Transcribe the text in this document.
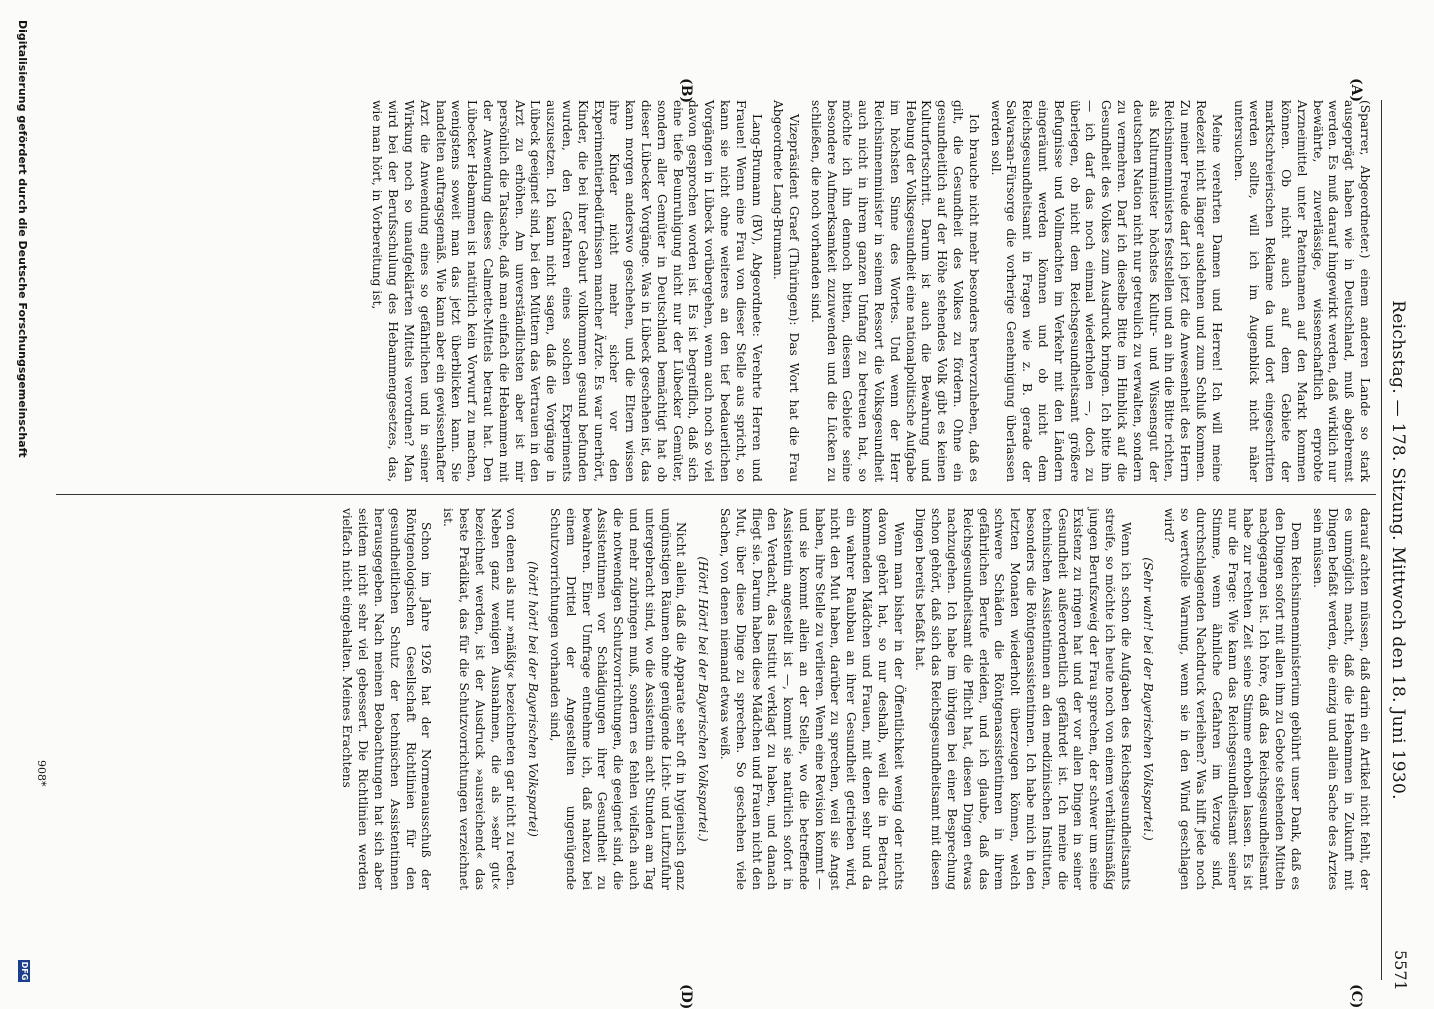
Reichstag. — 178. Sitzung. Mittwoch den 18. Juni 1930.
5571
(A)
(B)
(C)
(D)

(Sparrer, Abgeordneter.) einem anderen Lande so stark ausgeprägt haben wie in Deutschland, muß abgebremst werden. Es muß darauf hingewirkt werden, daß wirklich nur bewährte, zuverlässige, wissenschaftlich erprobte Arzneimittel unter Patentnamen auf den Markt kommen können. Ob nicht auch auf dem Gebiete der marktschreierischen Reklame da und dort eingeschritten werden sollte, will ich im Augenblick nicht näher untersuchen.

Meine verehrten Damen und Herren! Ich will meine Redezeit nicht länger ausdehnen und zum Schluß kommen. Zu meiner Freude darf ich jetzt die Anwesenheit des Herrn Reichsinnenministers feststellen und an ihn die Bitte richten, als Kulturminister höchstes Kultur- und Wissensgut der deutschen Nation nicht nur getreulich zu verwalten, sondern zu vermehren. Darf ich dieselbe Bitte im Hinblick auf die Gesundheit des Volkes zum Ausdruck bringen. Ich bitte ihn — ich darf das noch einmal wiederholen —, doch zu überlegen, ob nicht dem Reichsgesundheitsamt größere Befugnisse und Vollmachten im Verkehr mit den Ländern eingeräumt werden können und ob nicht dem Reichsgesundheitsamt in Fragen wie z. B. gerade der Salvarsan-Fürsorge die vorherige Genehmigung überlassen werden soll.

Ich brauche nicht mehr besonders hervorzuheben, daß es gilt, die Gesundheit des Volkes zu fördern. Ohne ein gesundheitlich auf der Höhe stehendes Volk gibt es keinen Kulturfortschritt. Darum ist auch die Bewahrung und Hebung der Volksgesundheit eine nationalpolitische Aufgabe im höchsten Sinne des Wortes. Und wenn der Herr Reichsinnenminister in seinem Ressort die Volksgesundheit auch nicht in ihrem ganzen Umfang zu betreuen hat, so möchte ich ihn dennoch bitten, diesem Gebiete seine besondere Aufmerksamkeit zuzuwenden und die Lücken zu schließen, die noch vorhanden sind.

Vizepräsident Graef (Thüringen): Das Wort hat die Frau Abgeordnete Lang-Brumann.

Lang-Brumann (BV), Abgeordnete: Verehrte Herren und Frauen! Wenn eine Frau von dieser Stelle aus spricht, so kann sie nicht ohne weiteres an den tief bedauerlichen Vorgängen in Lübeck vorübergehen, wenn auch noch so viel davon gesprochen worden ist. Es ist begreiflich, daß sich eine tiefe Beunruhigung nicht nur der Lübecker Gemüter, sondern aller Gemüter in Deutschland bemächtigt hat ob dieser Lübecker Vorgänge. Was in Lübeck geschehen ist, das kann morgen anderswo geschehen, und die Eltern wissen ihre Kinder nicht mehr sicher vor den Experimentierbedürfnissen mancher Ärzte. Es war unerhört, Kinder, die bei ihrer Geburt vollkommen gesund befunden wurden, den Gefahren eines solchen Experiments auszusetzen. Ich kann nicht sagen, daß die Vorgänge in Lübeck geeignet sind, bei den Müttern das Vertrauen in den Arzt zu erhöhen. Am unverständlichsten aber ist mir persönlich die Tatsache, daß man einfach die Hebammen mit der Anwendung dieses Calmette-Mittels betraut hat. Den Lübecker Hebammen ist natürlich kein Vorwurf zu machen, wenigstens soweit man das jetzt überblicken kann. Sie handelten auftragsgemäß. Wie kann aber ein gewissenhafter Arzt die Anwendung eines so gefährlichen und in seiner Wirkung noch so unaufgeklärten Mittels verordnen? Man wird bei der Berufsschulung des Hebammengesetzes, das, wie man hört, in Vorbereitung ist,

darauf achten müssen, daß darin ein Artikel nicht fehlt, der es unmöglich macht, daß die Hebammen in Zukunft mit Dingen befaßt werden, die einzig und allein Sache des Arztes sein müssen.

Dem Reichsinnenministerium gebührt unser Dank, daß es den Dingen sofort mit allen ihm zu Gebote stehenden Mitteln nachgegangen ist. Ich höre, daß das Reichsgesundheitsamt habe zur rechten Zeit seine Stimme erhoben lassen. Es ist nur die Frage: Wie kann das Reichsgesundheitsamt seiner Stimme, wenn ähnliche Gefahren im Verzuge sind, durchschlagenden Nachdruck verleihen? Was hilft jede noch so wertvolle Warnung, wenn sie in den Wind geschlagen wird?

(Sehr wahr! bei der Bayerischen Volkspartei.)

Wenn ich schon die Aufgaben des Reichsgesundheitsamts streife, so möchte ich heute noch von einem verhältnismäßig jungen Berufszweig der Frau sprechen, der schwer um seine Existenz zu ringen hat und der vor allen Dingen in seiner Gesundheit außerordentlich gefährdet ist. Ich meine die technischen Assistentinnen an den medizinischen Instituten, besonders die Röntgenassistentinnen. Ich habe mich in den letzten Monaten wiederholt überzeugen können, welch schwere Schäden die Röntgenassistentinnen in ihrem gefährlichen Berufe erleiden, und ich glaube, daß das Reichsgesundheitsamt die Pflicht hat, diesen Dingen etwas nachzugehen. Ich habe im übrigen bei einer Besprechung schon gehört, daß sich das Reichsgesundheitsamt mit diesen Dingen bereits befaßt hat.

Wenn man bisher in der Öffentlichkeit wenig oder nichts davon gehört hat, so nur deshalb, weil die in Betracht kommenden Mädchen und Frauen, mit denen sehr und da ein wahrer Raubbau an ihrer Gesundheit getrieben wird, nicht den Mut haben, darüber zu sprechen, weil sie Angst haben, ihre Stelle zu verlieren. Wenn eine Revision kommt — und sie kommt allein an der Stelle, wo die betreffende Assistentin angestellt ist —, kommt sie natürlich sofort in den Verdacht, das Institut verklagt zu haben, und danach fliegt sie. Darum haben diese Mädchen und Frauen nicht den Mut, über diese Dinge zu sprechen. So geschehen viele Sachen, von denen niemand etwas weiß.

(Hört! Hört! bei der Bayerischen Volkspartei.)

Nicht allein, daß die Apparate sehr oft in hygienisch ganz ungünstigen Räumen ohne genügende Licht- und Luftzufuhr untergebracht sind, wo die Assistentin acht Stunden am Tag und mehr zubringen muß, sondern es fehlen vielfach auch die notwendigen Schutzvorrichtungen, die geeignet sind, die Assistentinnen vor Schädigungen ihrer Gesundheit zu bewahren. Einer Umfrage entnehme ich, daß nahezu bei einem Drittel der Angestellten ungenügende Schutzvorrichtungen vorhanden sind,

(hört! hört! bei der Bayerischen Volkspartei)

von denen als nur »mäßig« bezeichneten gar nicht zu reden. Neben ganz wenigen Ausnahmen, die als »sehr gut« bezeichnet werden, ist der Ausdruck »ausreichend« das beste Prädikat, das für die Schutzvorrichtungen verzeichnet ist.

Schon im Jahre 1926 hat der Normenausschuß der Röntgenologischen Gesellschaft Richtlinien für den gesundheitlichen Schutz der technischen Assistentinnen herausgegeben. Nach meinen Beobachtungen hat sich aber seitdem nicht sehr viel gebessert. Die Richtlinien werden vielfach nicht eingehalten. Meines Erachtens

908*
Digitalisierung gefördert durch die Deutsche Forschungsgemeinschaft
DFG
